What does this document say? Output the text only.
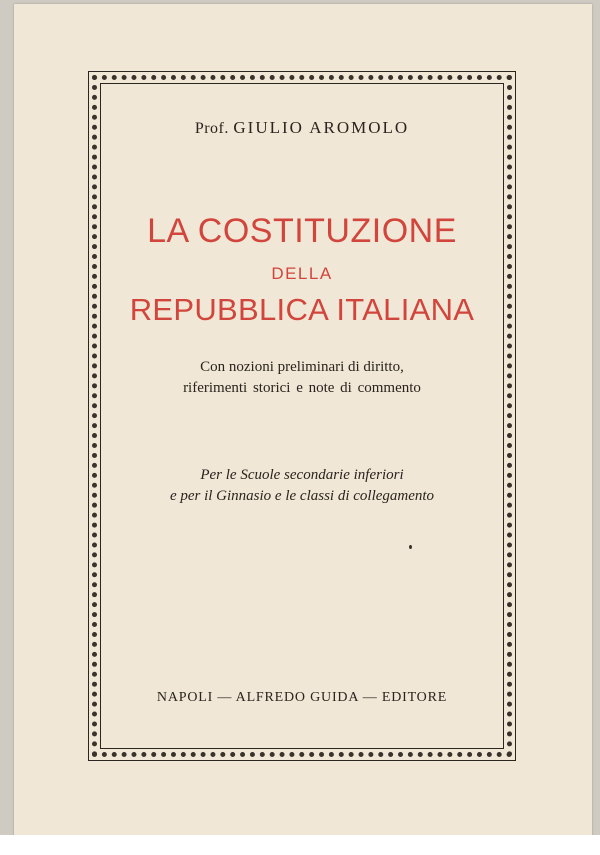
Prof. GIULIO AROMOLO

LA COSTITUZIONE

DELLA

REPUBBLICA ITALIANA

Con nozioni preliminari di diritto,

riferimenti storici e note di commento

Per le Scuole secondarie inferiori

e per il Ginnasio e le classi di collegamento

NAPOLI — ALFREDO GUIDA — EDITORE
